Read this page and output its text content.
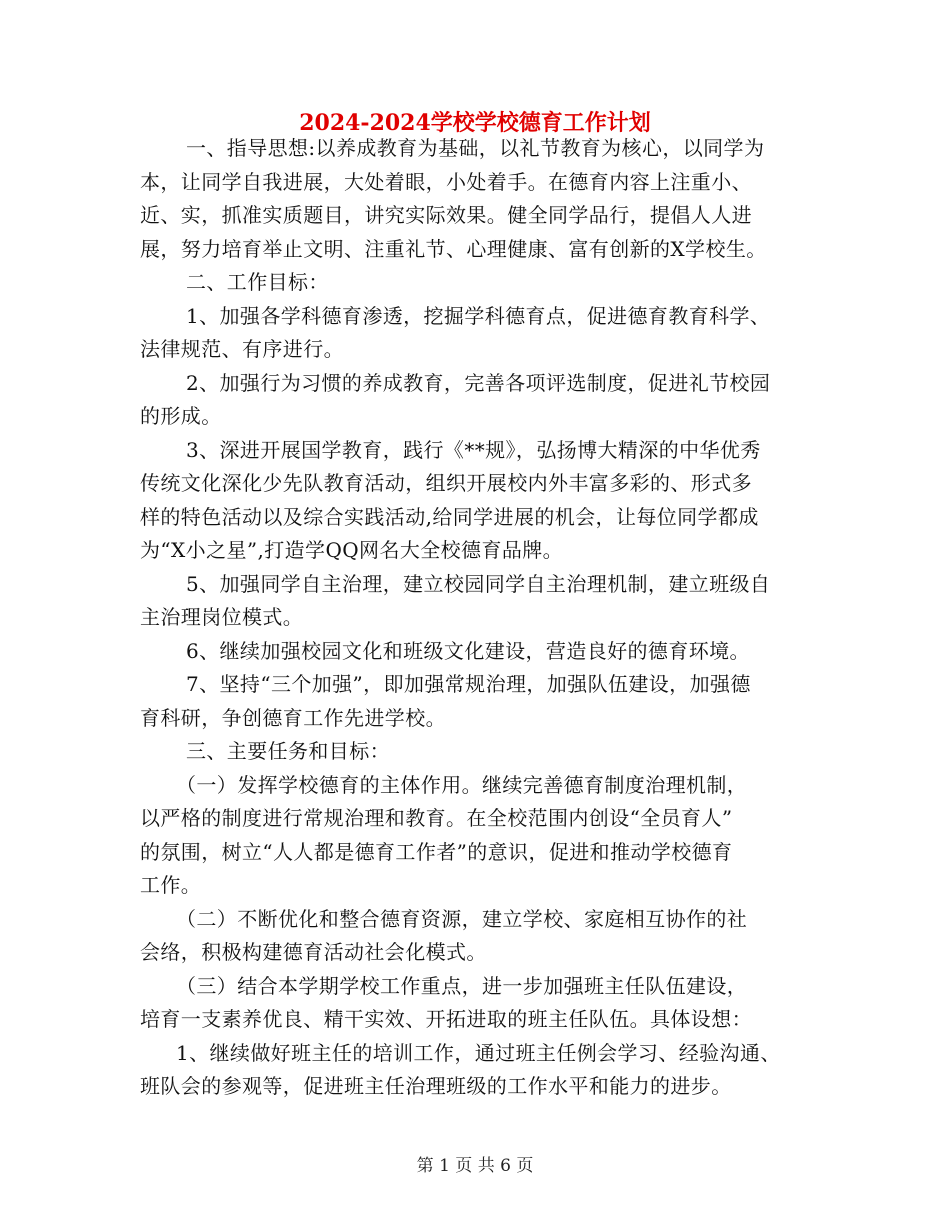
2024-2024学校学校德育工作计划
一、指导思想:以养成教育为基础，以礼节教育为核心，以同学为
本，让同学自我进展，大处着眼，小处着手。在德育内容上注重小、
近、实，抓准实质题目，讲究实际效果。健全同学品行，提倡人人进
展，努力培育举止文明、注重礼节、心理健康、富有创新的X学校生。
二、工作目标：
1、加强各学科德育渗透，挖掘学科德育点，促进德育教育科学、
法律规范、有序进行。
2、加强行为习惯的养成教育，完善各项评选制度，促进礼节校园
的形成。
3、深进开展国学教育，践行《**规》，弘扬博大精深的中华优秀
传统文化深化少先队教育活动，组织开展校内外丰富多彩的、形式多
样的特色活动以及综合实践活动,给同学进展的机会，让每位同学都成
为“X小之星”,打造学QQ网名大全校德育品牌。
5、加强同学自主治理，建立校园同学自主治理机制，建立班级自
主治理岗位模式。
6、继续加强校园文化和班级文化建设，营造良好的德育环境。
7、坚持“三个加强”，即加强常规治理，加强队伍建设，加强德
育科研，争创德育工作先进学校。
三、主要任务和目标：
（一）发挥学校德育的主体作用。继续完善德育制度治理机制，
以严格的制度进行常规治理和教育。在全校范围内创设“全员育人”
的氛围，树立“人人都是德育工作者”的意识，促进和推动学校德育
工作。
（二）不断优化和整合德育资源，建立学校、家庭相互协作的社
会络，积极构建德育活动社会化模式。
（三）结合本学期学校工作重点，进一步加强班主任队伍建设，
培育一支素养优良、精干实效、开拓进取的班主任队伍。具体设想：
1、继续做好班主任的培训工作，通过班主任例会学习、经验沟通、
班队会的参观等，促进班主任治理班级的工作水平和能力的进步。
第 1 页 共 6 页
